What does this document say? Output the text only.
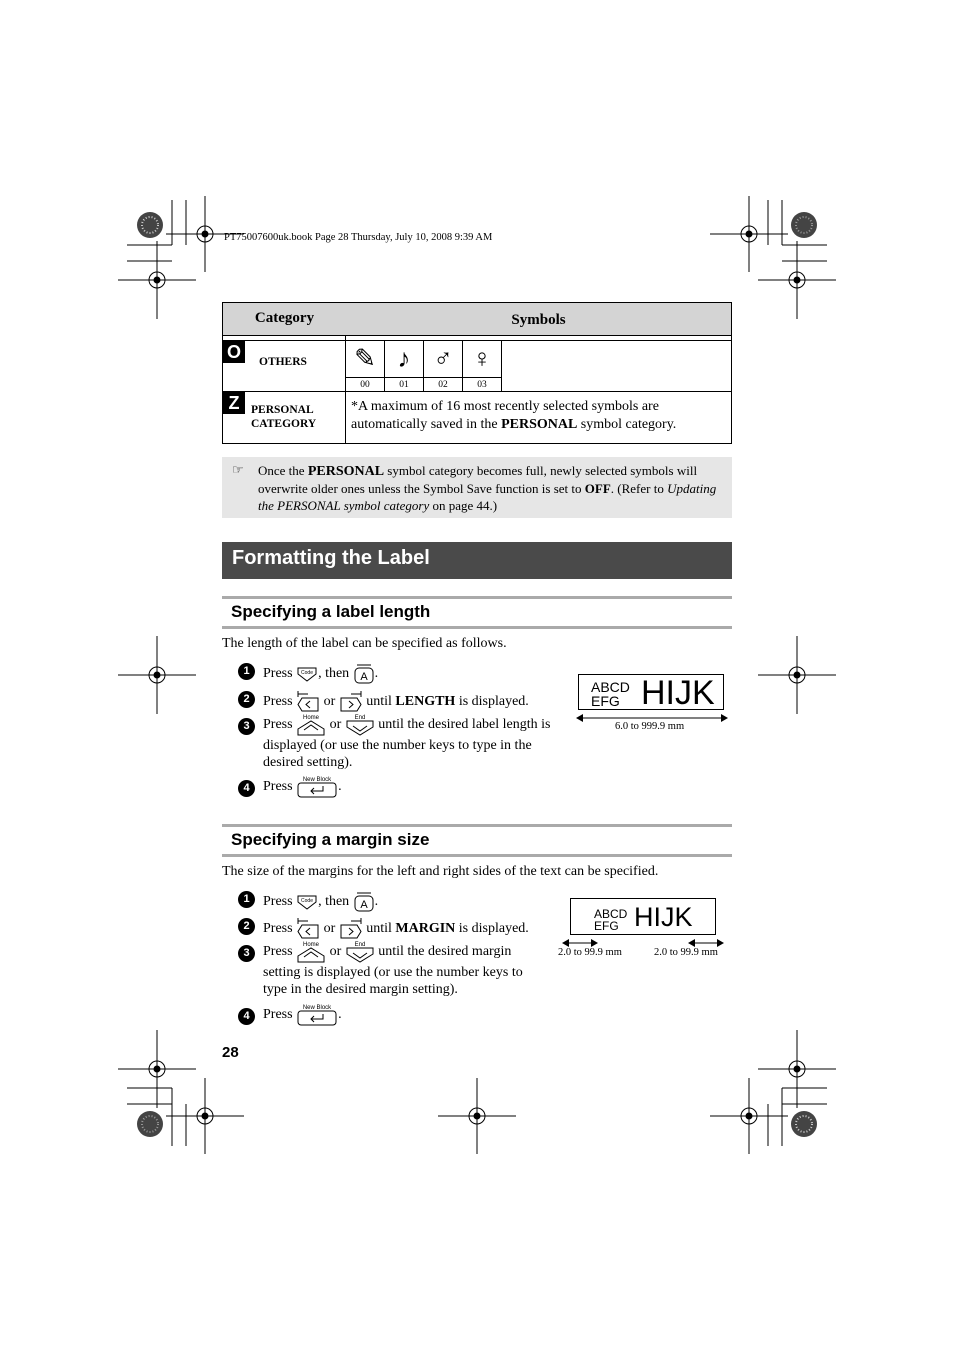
PT75007600uk.book Page 28 Thursday, July 10, 2008 9:39 AM
Category	Symbols
O	OTHERS	✎ ♪ ♂ ♀
00	01	02	03
Z	PERSONAL
CATEGORY
*A maximum of 16 most recently selected symbols are automatically saved in the PERSONAL symbol category.
☞ Once the PERSONAL symbol category becomes full, newly selected symbols will overwrite older ones unless the Symbol Save function is set to OFF. (Refer to Updating the PERSONAL symbol category on page 44.)
Formatting the Label
Specifying a label length
The length of the label can be specified as follows.
1 Press Code , then A .
2 Press or until LENGTH is displayed.
3 Press Home or End until the desired label length is
displayed (or use the number keys to type in the
desired setting).
4 Press New Block .
ABCD
EFG HIJK
6.0 to 999.9 mm
Specifying a margin size
The size of the margins for the left and right sides of the text can be specified.
1 Press Code , then A .
2 Press or until MARGIN is displayed.
3 Press Home or End until the desired margin
setting is displayed (or use the number keys to
type in the desired margin setting).
4 Press New Block .
ABCD
EFG HIJK
2.0 to 99.9 mm	2.0 to 99.9 mm
28
